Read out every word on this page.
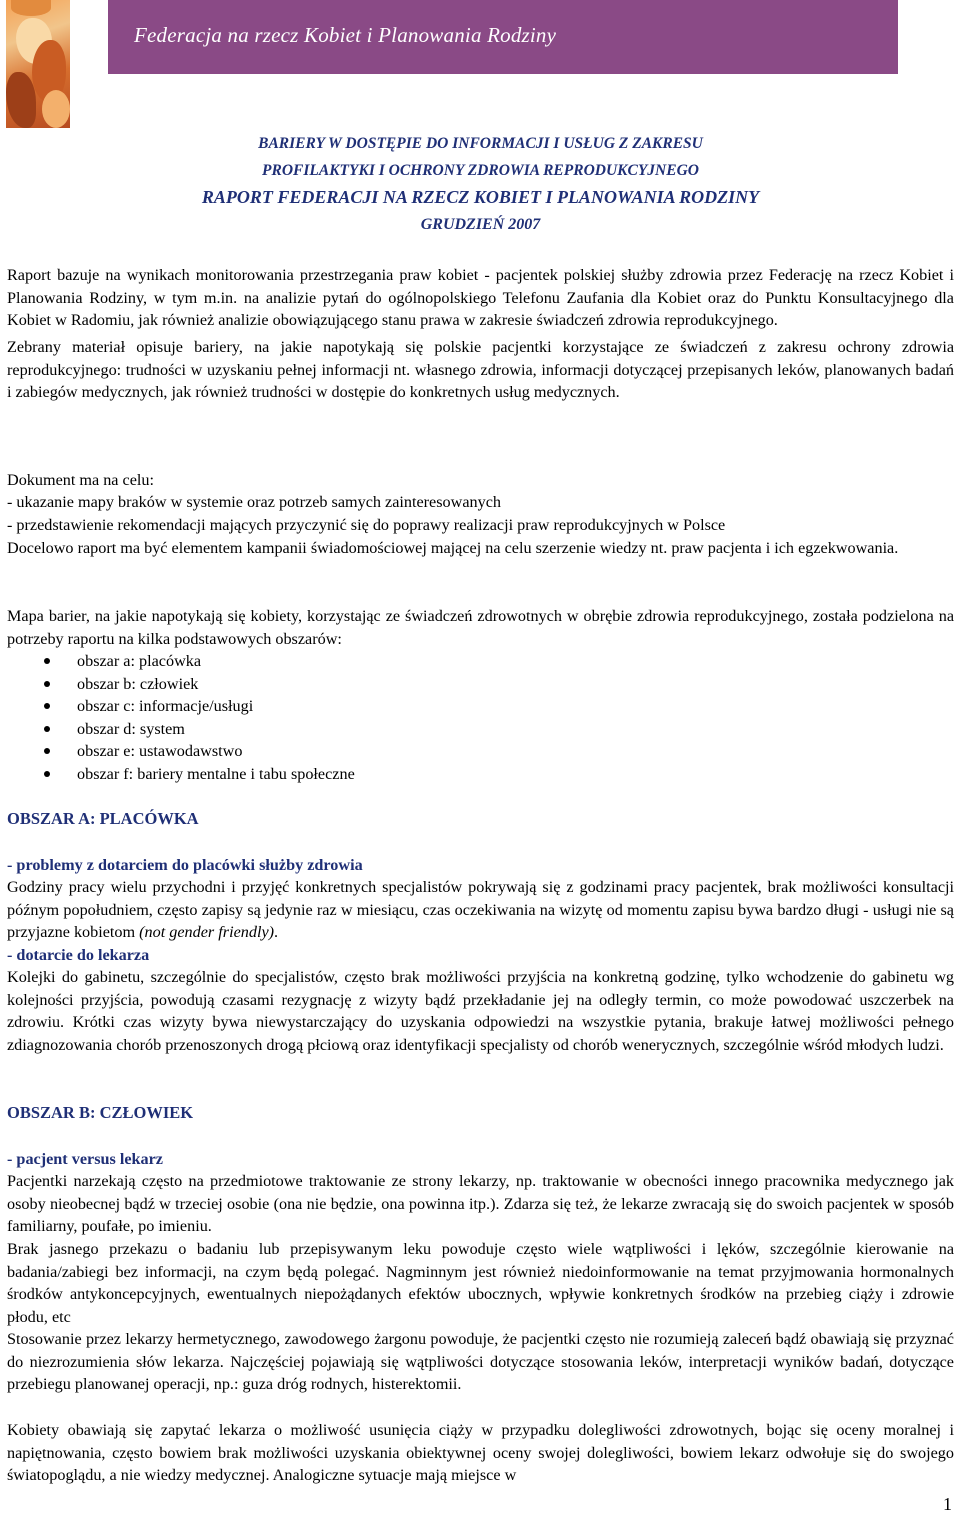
Federacja na rzecz Kobiet i Planowania Rodziny
BARIERY W DOSTĘPIE DO INFORMACJI I USŁUG Z ZAKRESU
PROFILAKTYKI I OCHRONY ZDROWIA REPRODUKCYJNEGO
RAPORT FEDERACJI NA RZECZ KOBIET I PLANOWANIA RODZINY
GRUDZIEŃ 2007

Raport bazuje na wynikach monitorowania przestrzegania praw kobiet - pacjentek polskiej służby zdrowia przez Federację na rzecz Kobiet i Planowania Rodziny, w tym m.in. na analizie pytań do ogólnopolskiego Telefonu Zaufania dla Kobiet oraz do Punktu Konsultacyjnego dla Kobiet w Radomiu, jak również analizie obowiązującego stanu prawa w zakresie świadczeń zdrowia reprodukcyjnego.

Zebrany materiał opisuje bariery, na jakie napotykają się polskie pacjentki korzystające ze świadczeń z zakresu ochrony zdrowia reprodukcyjnego: trudności w uzyskaniu pełnej informacji nt. własnego zdrowia, informacji dotyczącej przepisanych leków, planowanych badań i zabiegów medycznych, jak również trudności w dostępie do konkretnych usług medycznych.

Dokument ma na celu:

- ukazanie mapy braków w systemie oraz potrzeb samych zainteresowanych

- przedstawienie rekomendacji mających przyczynić się do poprawy realizacji praw reprodukcyjnych w Polsce

Docelowo raport ma być elementem kampanii świadomościowej mającej na celu szerzenie wiedzy nt. praw pacjenta i ich egzekwowania.

Mapa barier, na jakie napotykają się kobiety, korzystając ze świadczeń zdrowotnych w obrębie zdrowia reprodukcyjnego, została podzielona na potrzeby raportu na kilka podstawowych obszarów:

obszar a: placówka
obszar b: człowiek
obszar c: informacje/usługi
obszar d: system
obszar e: ustawodawstwo
obszar f: bariery mentalne i tabu społeczne
OBSZAR A: PLACÓWKA

- problemy z dotarciem do placówki służby zdrowia

Godziny pracy wielu przychodni i przyjęć konkretnych specjalistów pokrywają się z godzinami pracy pacjentek, brak możliwości konsultacji późnym popołudniem, często zapisy są jedynie raz w miesiącu, czas oczekiwania na wizytę od momentu zapisu bywa bardzo długi - usługi nie są przyjazne kobietom (not gender friendly).

- dotarcie do lekarza

Kolejki do gabinetu, szczególnie do specjalistów, często brak możliwości przyjścia na konkretną godzinę, tylko wchodzenie do gabinetu wg kolejności przyjścia, powodują czasami rezygnację z wizyty bądź przekładanie jej na odległy termin, co może powodować uszczerbek na zdrowiu. Krótki czas wizyty bywa niewystarczający do uzyskania odpowiedzi na wszystkie pytania, brakuje łatwej możliwości pełnego zdiagnozowania chorób przenoszonych drogą płciową oraz identyfikacji specjalisty od chorób wenerycznych, szczególnie wśród młodych ludzi.

OBSZAR B: CZŁOWIEK

- pacjent versus lekarz

Pacjentki narzekają często na przedmiotowe traktowanie ze strony lekarzy, np. traktowanie w obecności innego pracownika medycznego jak osoby nieobecnej bądź w trzeciej osobie (ona nie będzie, ona powinna itp.). Zdarza się też, że lekarze zwracają się do swoich pacjentek w sposób familiarny, poufałe, po imieniu.

Brak jasnego przekazu o badaniu lub przepisywanym leku powoduje często wiele wątpliwości i lęków, szczególnie kierowanie na badania/zabiegi bez informacji, na czym będą polegać. Nagminnym jest również niedoinformowanie na temat przyjmowania hormonalnych środków antykoncepcyjnych, ewentualnych niepożądanych efektów ubocznych, wpływie konkretnych środków na przebieg ciąży i zdrowie płodu, etc

Stosowanie przez lekarzy hermetycznego, zawodowego żargonu powoduje, że pacjentki często nie rozumieją zaleceń bądź obawiają się przyznać do niezrozumienia słów lekarza. Najczęściej pojawiają się wątpliwości dotyczące stosowania leków, interpretacji wyników badań, dotyczące przebiegu planowanej operacji, np.: guza dróg rodnych, histerektomii.

Kobiety obawiają się zapytać lekarza o możliwość usunięcia ciąży w przypadku dolegliwości zdrowotnych, bojąc się oceny moralnej i napiętnowania, często bowiem brak możliwości uzyskania obiektywnej oceny swojej dolegliwości, bowiem lekarz odwołuje się do swojego światopoglądu, a nie wiedzy medycznej. Analogiczne sytuacje mają miejsce w

1
